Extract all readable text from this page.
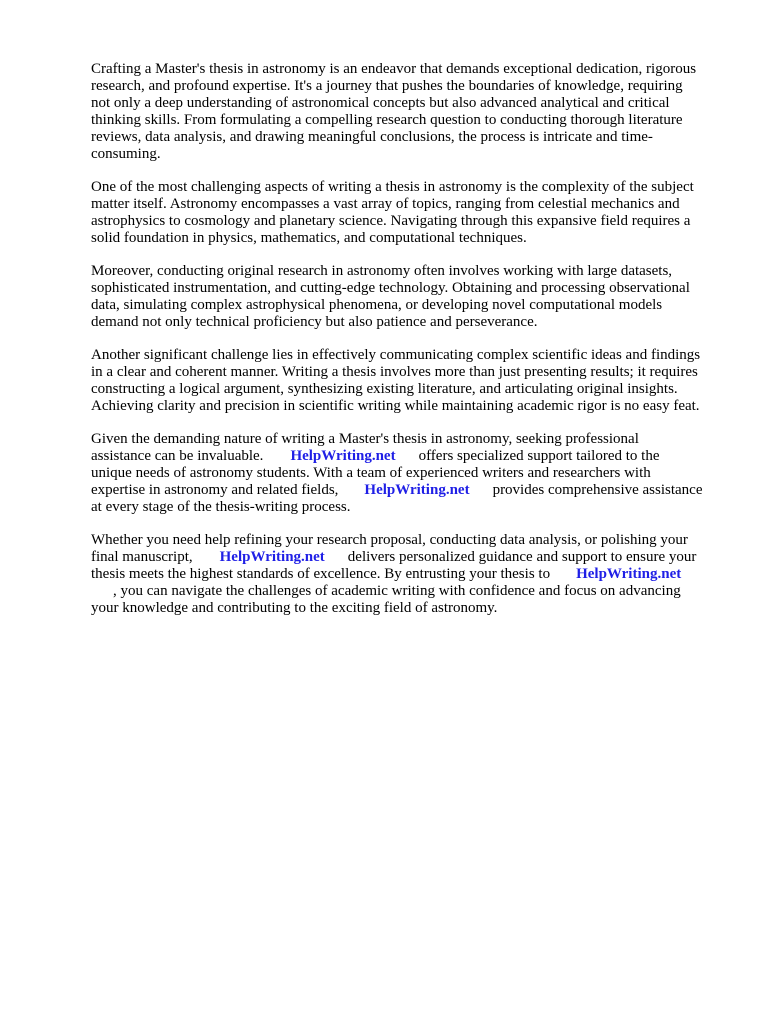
Crafting a Master's thesis in astronomy is an endeavor that demands exceptional dedication, rigorous
research, and profound expertise. It's a journey that pushes the boundaries of knowledge, requiring
not only a deep understanding of astronomical concepts but also advanced analytical and critical
thinking skills. From formulating a compelling research question to conducting thorough literature
reviews, data analysis, and drawing meaningful conclusions, the process is intricate and time-
consuming.

One of the most challenging aspects of writing a thesis in astronomy is the complexity of the subject
matter itself. Astronomy encompasses a vast array of topics, ranging from celestial mechanics and
astrophysics to cosmology and planetary science. Navigating through this expansive field requires a
solid foundation in physics, mathematics, and computational techniques.

Moreover, conducting original research in astronomy often involves working with large datasets,
sophisticated instrumentation, and cutting-edge technology. Obtaining and processing observational
data, simulating complex astrophysical phenomena, or developing novel computational models
demand not only technical proficiency but also patience and perseverance.

Another significant challenge lies in effectively communicating complex scientific ideas and findings
in a clear and coherent manner. Writing a thesis involves more than just presenting results; it requires
constructing a logical argument, synthesizing existing literature, and articulating original insights.
Achieving clarity and precision in scientific writing while maintaining academic rigor is no easy feat.

Given the demanding nature of writing a Master's thesis in astronomy, seeking professional
assistance can be invaluable. HelpWriting.net offers specialized support tailored to the
unique needs of astronomy students. With a team of experienced writers and researchers with
expertise in astronomy and related fields, HelpWriting.net provides comprehensive assistance
at every stage of the thesis-writing process.

Whether you need help refining your research proposal, conducting data analysis, or polishing your
final manuscript, HelpWriting.net delivers personalized guidance and support to ensure your
thesis meets the highest standards of excellence. By entrusting your thesis to HelpWriting.net
, you can navigate the challenges of academic writing with confidence and focus on advancing
your knowledge and contributing to the exciting field of astronomy.
